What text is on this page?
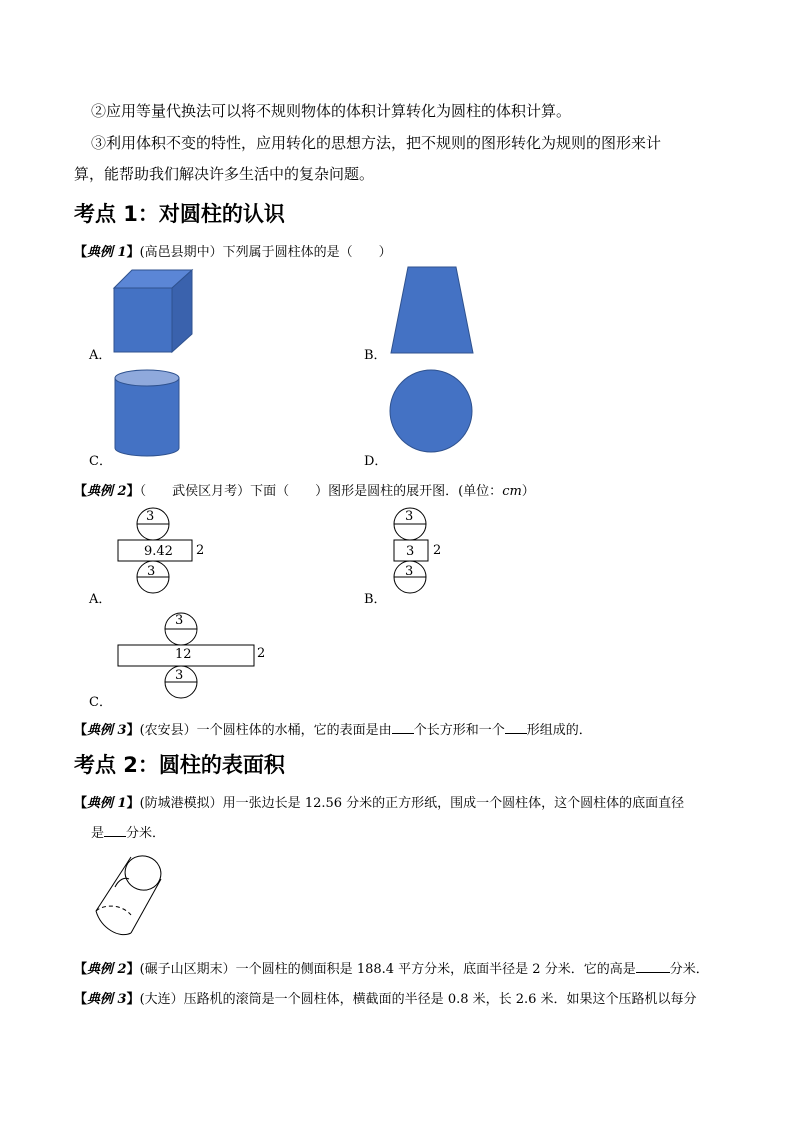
②应用等量代换法可以将不规则物体的体积计算转化为圆柱的体积计算。
③利用体积不变的特性，应用转化的思想方法，把不规则的图形转化为规则的图形来计
算，能帮助我们解决许多生活中的复杂问题。
考点 1：对圆柱的认识
【典例 1】(高邑县期中）下列属于圆柱体的是（　　）
A．	B．
C．	D．
【典例 2】（　　武侯区月考）下面（　　）图形是圆柱的展开图．(单位：cm）
3
9.42 2
3
A．
3
3 2
3
B．
3
12	2
3
C．
【典例 3】(农安县）一个圆柱体的水桶，它的表面是由 个长方形和一个 形组成的．
考点 2：圆柱的表面积
【典例 1】(防城港模拟）用一张边长是 12.56 分米的正方形纸，围成一个圆柱体，这个圆柱体的底面直径
是 分米．
【典例 2】(碾子山区期末）一个圆柱的侧面积是 188.4 平方分米，底面半径是 2 分米．它的高是	分米．
【典例 3】(大连）压路机的滚筒是一个圆柱体，横截面的半径是 0.8 米，长 2.6 米．如果这个压路机以每分
